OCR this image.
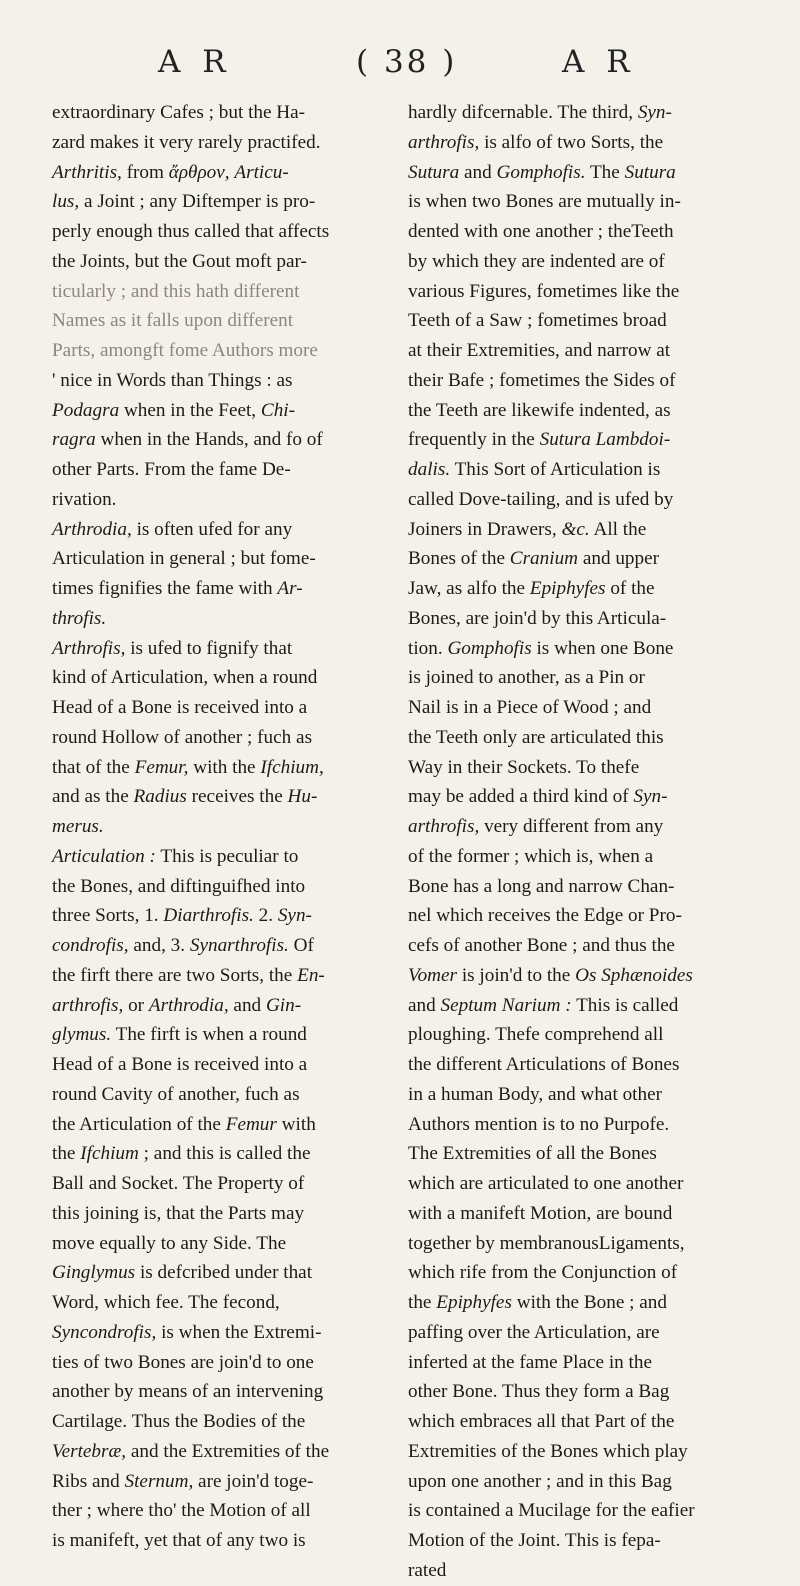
A R	( 38 )	A R
extraordinary Cafes ; but the Ha-
zard makes it very rarely practifed.
Arthritis, from ἄρθρον, Articu-
lus, a Joint ; any Diftemper is pro-
perly enough thus called that affects
the Joints, but the Gout moft par-
ticularly ; and this hath different
Names as it falls upon different
Parts, amongft fome Authors more
' nice in Words than Things : as
Podagra when in the Feet, Chi-
ragra when in the Hands, and fo of
other Parts. From the fame De-
rivation.
Arthrodia, is often ufed for any
Articulation in general ; but fome-
times fignifies the fame with Ar-
throfis.
Arthrofis, is ufed to fignify that
kind of Articulation, when a round
Head of a Bone is received into a
round Hollow of another ; fuch as
that of the Femur, with the Ifchium,
and as the Radius receives the Hu-
merus.
Articulation : This is peculiar to
the Bones, and diftinguifhed into
three Sorts, 1. Diarthrofis. 2. Syn-
condrofis, and, 3. Synarthrofis. Of
the firft there are two Sorts, the En-
arthrofis, or Arthrodia, and Gin-
glymus. The firft is when a round
Head of a Bone is received into a
round Cavity of another, fuch as
the Articulation of the Femur with
the Ifchium ; and this is called the
Ball and Socket. The Property of
this joining is, that the Parts may
move equally to any Side. The
Ginglymus is defcribed under that
Word, which fee. The fecond,
Syncondrofis, is when the Extremi-
ties of two Bones are join'd to one
another by means of an intervening
Cartilage. Thus the Bodies of the
Vertebræ, and the Extremities of the
Ribs and Sternum, are join'd toge-
ther ; where tho' the Motion of all
is manifeft, yet that of any two is
hardly difcernable. The third, Syn-
arthrofis, is alfo of two Sorts, the
Sutura and Gomphofis. The Sutura
is when two Bones are mutually in-
dented with one another ; theTeeth
by which they are indented are of
various Figures, fometimes like the
Teeth of a Saw ; fometimes broad
at their Extremities, and narrow at
their Bafe ; fometimes the Sides of
the Teeth are likewife indented, as
frequently in the Sutura Lambdoi-
dalis. This Sort of Articulation is
called Dove-tailing, and is ufed by
Joiners in Drawers, &c. All the
Bones of the Cranium and upper
Jaw, as alfo the Epiphyfes of the
Bones, are join'd by this Articula-
tion. Gomphofis is when one Bone
is joined to another, as a Pin or
Nail is in a Piece of Wood ; and
the Teeth only are articulated this
Way in their Sockets. To thefe
may be added a third kind of Syn-
arthrofis, very different from any
of the former ; which is, when a
Bone has a long and narrow Chan-
nel which receives the Edge or Pro-
cefs of another Bone ; and thus the
Vomer is join'd to the Os Sphænoides
and Septum Narium : This is called
ploughing. Thefe comprehend all
the different Articulations of Bones
in a human Body, and what other
Authors mention is to no Purpofe.
The Extremities of all the Bones
which are articulated to one another
with a manifeft Motion, are bound
together by membranousLigaments,
which rife from the Conjunction of
the Epiphyfes with the Bone ; and
paffing over the Articulation, are
inferted at the fame Place in the
other Bone. Thus they form a Bag
which embraces all that Part of the
Extremities of the Bones which play
upon one another ; and in this Bag
is contained a Mucilage for the eafier
Motion of the Joint. This is fepa-
rated
